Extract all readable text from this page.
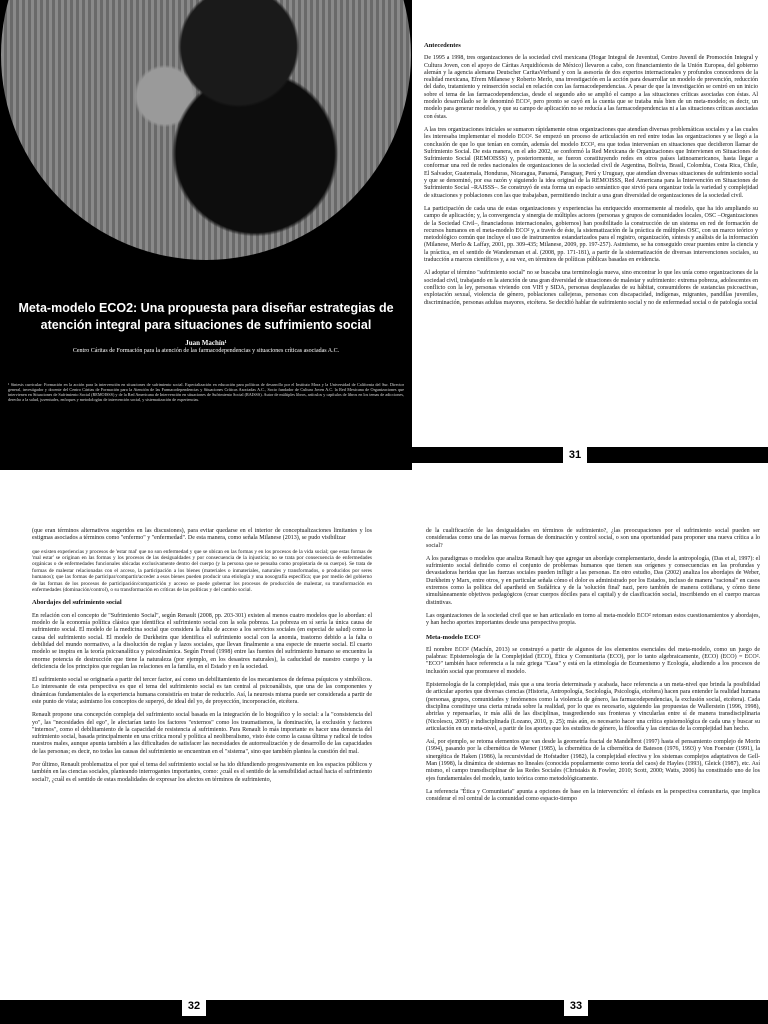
Meta-modelo ECO2: Una propuesta para diseñar estrategias de atención integral para situaciones de sufrimiento social
Juan Machín¹
Centro Cáritas de Formación para la atención de las farmacodependencias y situaciones críticas asociadas A.C.
¹ Síntesis curricular: Formación en la acción para la intervención en situaciones de sufrimiento social. Especialización en educación para políticas de desarrollo por el Instituto Mora y la Universidad de California del Sur. Director general, investigador y docente del Centro Cáritas de Formación para la Atención de las Farmacodependencias y Situaciones Críticas Asociadas A.C., Socio fundador de Cultura Joven A.C. la Red Mexicana de Organizaciones que intervienen en Situaciones de Sufrimiento Social (REMOISSS) y de la Red Americana de Intervención en situaciones de Sufrimiento Social (RAISSS). Autor de múltiples libros, artículos y capítulos de libros en los temas de adicciones, derecho a la salud, juventudes, enfoques y metodologías de intervención social, y sistematización de experiencias.
Antecedentes

De 1995 a 1998, tres organizaciones de la sociedad civil mexicana (Hogar Integral de Juventud, Centro Juvenil de Promoción Integral y Cultura Joven, con el apoyo de Cáritas Arquidiócesis de México) llevaron a cabo, con financiamiento de la Unión Europea, del gobierno alemán y la agencia alemana Deutscher CaritasVerband y con la asesoría de dos expertos internacionales y profundos conocedores de la realidad mexicana, Efrem Milanese y Roberto Merlo, una investigación en la acción para desarrollar un modelo de prevención, reducción del daño, tratamiento y reinserción social en relación con las farmacodependencias. A pesar de que la investigación se centró en un inicio sobre el tema de las farmacodependencias, desde el segundo año se amplió el campo a las situaciones críticas asociadas con éstas. Al modelo desarrollado se le denominó ECO², pero pronto se cayó en la cuenta que se trataba más bien de un meta-modelo; es decir, un modelo para generar modelos, y que su campo de aplicación no se reducía a las farmacodependencias ni a las situaciones críticas asociadas con éstas.

A las tres organizaciones iniciales se sumaron rápidamente otras organizaciones que atendían diversas problemáticas sociales y a las cuales les interesaba implementar el modelo ECO². Se empezó un proceso de articulación en red entre todas las organizaciones y se llegó a la conclusión de que lo que tenían en común, además del modelo ECO², era que todas intervenían en situaciones que decidieron llamar de Sufrimiento Social. De esta manera, en el año 2002, se conformó la Red Mexicana de Organizaciones que Intervienen en Situaciones de Sufrimiento Social (REMOISSS) y, posteriormente, se fueron constituyendo redes en otros países latinoamericanos, hasta llegar a conformar una red de redes nacionales de organizaciones de la sociedad civil de Argentina, Bolivia, Brasil, Colombia, Costa Rica, Chile, El Salvador, Guatemala, Honduras, Nicaragua, Panamá, Paraguay, Perú y Uruguay, que atendían diversas situaciones de sufrimiento social y que se denominó, por esa razón y siguiendo la idea original de la REMOISSS, Red Americana para la Intervención en Situaciones de Sufrimiento Social –RAISSS–. Se construyó de esta forma un espacio semántico que sirvió para organizar toda la variedad y complejidad de situaciones y poblaciones con las que trabajaban, permitiendo incluir a una gran diversidad de organizaciones de la sociedad civil.

La participación de cada una de estas organizaciones y experiencias ha enriquecido enormemente al modelo, que ha ido ampliando su campo de aplicación; y, la convergencia y sinergia de múltiples actores (personas y grupos de comunidades locales, OSC –Organizaciones de la Sociedad Civil–, financiadoras internacionales, gobiernos) han posibilitado la construcción de un sistema en red de formación de recursos humanos en el meta-modelo ECO² y, a través de éste, la sistematización de la práctica de múltiples OSC, con un marco teórico y metodológico común que incluye el uso de instrumentos estandarizados para el registro, organización, síntesis y análisis de la información (Milanese, Merlo & Laffay, 2001, pp. 309-435; Milanese, 2009, pp. 197-257). Asimismo, se ha conseguido crear puentes entre la ciencia y la práctica, en el sentido de Wandersman et al. (2008, pp. 171-181), a partir de la sistematización de diversas intervenciones sociales, su traducción a marcos científicos y, a su vez, en términos de políticas públicas basadas en evidencia.

Al adoptar el término "sufrimiento social" no se buscaba una terminología nueva, sino encontrar lo que les unía como organizaciones de la sociedad civil, trabajando en la atención de una gran diversidad de situaciones de malestar y sufrimiento: extrema pobreza, adolescentes en conflicto con la ley, personas viviendo con VIH y SIDA, personas desplazadas de su hábitat, consumidores de sustancias psicoactivas, explotación sexual, violencia de género, poblaciones callejeras, personas con discapacidad, indígenas, migrantes, pandillas juveniles, discriminación, personas adultas mayores, etcétera. Se decidió hablar de sufrimiento social y no de enfermedad social o de patología social

31

(que eran términos alternativos sugeridos en las discusiones), para evitar quedarse en el interior de conceptualizaciones limitantes y los estigmas asociados a términos como "enfermo" y "enfermedad". De esta manera, como señala Milanese (2013), se pudo visibilizar

que existen experiencias y procesos de 'estar mal' que no son enfermedad y que se ubican en las formas y en los procesos de la vida social; que estas formas de 'mal estar' se originan en las formas y los procesos de las desigualdades y por consecuencia de la injusticia; no se trata por consecuencia de enfermedades orgánicas o de enfermedades funcionales ubicadas exclusivamente dentro del cuerpo (y la persona que se pensaba como propietaria de su cuerpo). Se trata de formas de malestar relacionadas con el acceso, la participación a los bienes (materiales o inmateriales, naturales y transformados, o producidos por seres humanos); que las formas de participar/compartir/acceder a esos bienes pueden producir una etiología y una nosografía específica; que por medio del gobierno de las formas de los procesos de participación/compartición y acceso se puede gobernar los procesos de producción de malestar, su transformación en enfermedades (dominación/control), o su transformación en críticas de las políticas y del cambio social.

Abordajes del sufrimiento social

En relación con el concepto de "Sufrimiento Social", según Renault (2008, pp. 203-301) existen al menos cuatro modelos que lo abordan: el modelo de la economía política clásica que identifica el sufrimiento social con la sola pobreza. La pobreza en sí sería la única causa de sufrimiento social. El modelo de la medicina social que considera la falta de acceso a los servicios sociales (en especial de salud) como la causa del sufrimiento social. El modelo de Durkheim que identifica el sufrimiento social con la anomia, trastorno debido a la falta o debilidad del mundo normativo, a la disolución de reglas y lazos sociales, que llevan finalmente a una especie de muerte social. El cuarto modelo se inspira en la teoría psicoanalítica y psicodinámica. Según Freud (1998) entre las fuentes del sufrimiento humano se encuentra la enorme potencia de destrucción que tiene la naturaleza (por ejemplo, en los desastres naturales), la caducidad de nuestro cuerpo y la deficiencia de los principios que regulan las relaciones en la familia, en el Estado y en la sociedad.

El sufrimiento social se originaría a partir del tercer factor, así como un debilitamiento de los mecanismos de defensa psíquicos y simbólicos. Lo interesante de esta perspectiva es que el tema del sufrimiento social es tan central al psicoanálisis, que una de las componentes y dinámicas fundamentales de la experiencia humana consistiría en tratar de reducirlo. Así, la neurosis misma puede ser considerada a partir de este punto de vista; asimismo los conceptos de superyó, de ideal del yo, de proyección, incorporación, etcétera.

Renault propone una concepción compleja del sufrimiento social basada en la integración de lo biográfico y lo social: a la "consistencia del yo", las "necesidades del ego", le afectarían tanto los factores "externos" como los traumatismos, la dominación, la exclusión y factores "internos", como el debilitamiento de la capacidad de resistencia al sufrimiento. Para Renault lo más importante es hacer una denuncia del sufrimiento social, basada principalmente en una crítica moral y política al neoliberalismo, visto éste como la causa última y radical de todos nuestros males, aunque apunta también a las dificultades de satisfacer las necesidades de autorrealización y de desarrollo de las capacidades de las personas; es decir, no todas las causas del sufrimiento se encuentran en el "sistema", sino que también plantea la cuestión del mal.

Por último, Renault problematiza el por qué el tema del sufrimiento social se ha ido difundiendo progresivamente en los espacios públicos y también en las ciencias sociales, planteando interrogantes importantes, como: ¿cuál es el sentido de la sensibilidad actual hacia el sufrimiento social?, ¿cuál es el sentido de estas modalidades de expresar los afectos en términos de sufrimiento,

de la cualificación de las desigualdades en términos de sufrimiento?, ¿las preocupaciones por el sufrimiento social pueden ser consideradas como una de las nuevas formas de dominación y control social, o son una oportunidad para proponer una nueva crítica a lo social?

A los paradigmas o modelos que analiza Renault hay que agregar un abordaje complementario, desde la antropología, (Das et al, 1997): el sufrimiento social definido como el conjunto de problemas humanos que tienen sus orígenes y consecuencias en las profundas y devastadoras heridas que las fuerzas sociales pueden infligir a las personas. En otro estudio, Das (2002) analiza los abordajes de Weber, Durkheim y Marx, entre otros, y en particular señala cómo el dolor es administrado por los Estados, incluso de manera "racional" en casos extremos como la política del apartheid en Sudáfrica y de la 'solución final' nazi, pero también de manera cotidiana, y cómo tiene simultáneamente objetivos pedagógicos (crear cuerpos dóciles para el capital) y de clasificación social, inscribiendo en el cuerpo marcas distintivas.

Las organizaciones de la sociedad civil que se han articulado en torno al meta-modelo ECO² retoman estos cuestionamientos y abordajes, y han hecho aportes importantes desde una perspectiva propia.

Meta-modelo ECO²

El nombre ECO² (Machín, 2013) se construyó a partir de algunos de los elementos esenciales del meta-modelo, como un juego de palabras: Epistemología de la Complejidad (ECO), Ética y Comunitaria (ECO), por lo tanto algebraicamente, (ECO) (ECO) = ECO². "ECO" también hace referencia a la raíz griega "Casa" y está en la etimología de Ecumenismo y Ecología, aludiendo a los procesos de inclusión social que promueve el modelo.

Epistemología de la complejidad, más que a una teoría determinada y acabada, hace referencia a un meta-nivel que brinda la posibilidad de articular aportes que diversas ciencias (Historia, Antropología, Sociología, Psicología, etcétera) hacen para entender la realidad humana (personas, grupos, comunidades y fenómenos como la violencia de género, las farmacodependencias, la exclusión social, etcétera). Cada disciplina constituye una cierta mirada sobre la realidad, por lo que es necesario, siguiendo las propuestas de Wallerstein (1996, 1998), abrirlas y repensarlas, ir más allá de las disciplinas, trasgrediendo sus fronteras y vincularlas entre sí de manera transdisciplinaria (Nicolescu, 2005) e indisciplinada (Lozano, 2010, p. 25); más aún, es necesario hacer una crítica epistemológica de cada una y buscar su articulación en un meta-nivel, a partir de los aportes que los estudios de género, la filosofía y las ciencias de la complejidad han hecho.

Así, por ejemplo, se retoma elementos que van desde la geometría fractal de Mandelbrot (1997) hasta el pensamiento complejo de Morin (1994), pasando por la cibernética de Wiener (1985), la cibernética de la cibernética de Bateson (1976, 1993) y Von Foerster (1991), la sinergética de Haken (1986), la recursividad de Hofstadter (1982), la complejidad efectiva y los sistemas complejos adaptativos de Gell-Man (1998), la dinámica de sistemas no lineales (conocida popularmente como teoría del caos) de Hayles (1993), Gleick (1987), etc. Así mismo, el campo transdisciplinar de las Redes Sociales (Christakis & Fowler, 2010; Scott, 2000; Watts, 2006) ha constituido uno de los ejes fundamentales del modelo, tanto teórica como metodológicamente.

La referencia "Ética y Comunitaria" apunta a opciones de base en la intervención: el énfasis en la perspectiva comunitaria, que implica considerar el rol central de la comunidad como espacio-tiempo

32	33
